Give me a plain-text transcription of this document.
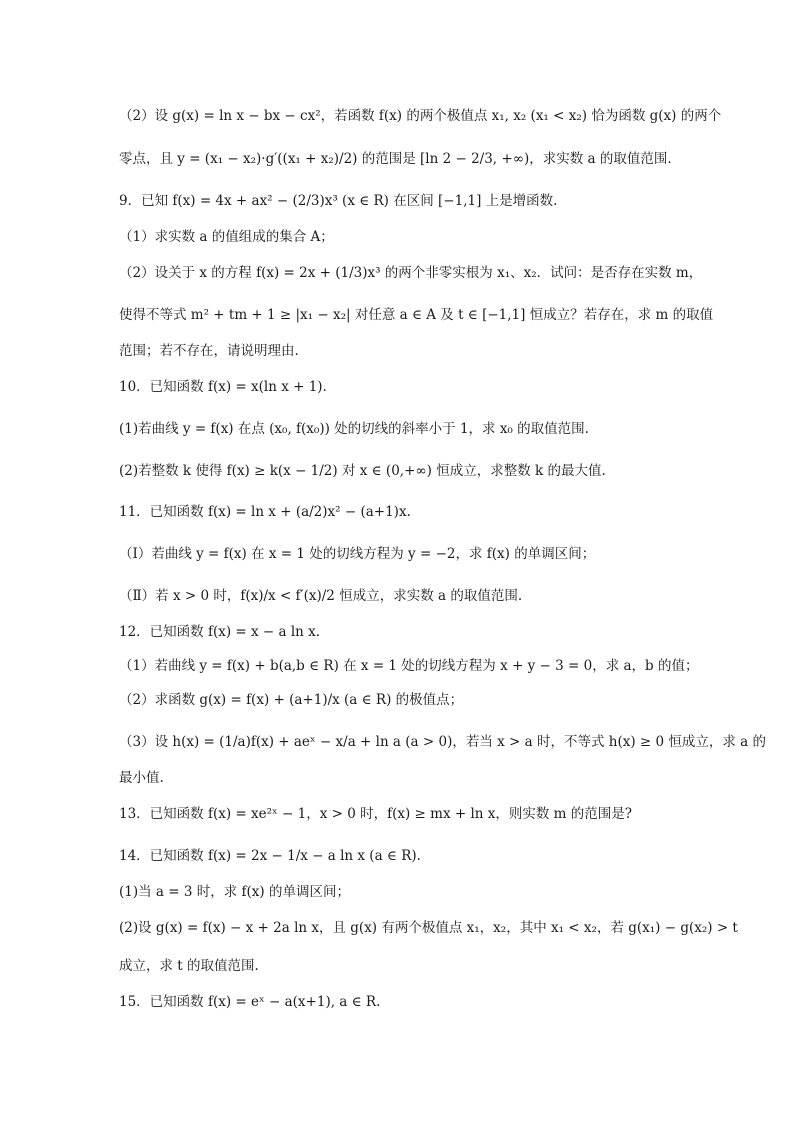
（2）设 g(x) = ln x − bx − cx²，若函数 f(x) 的两个极值点 x₁, x₂ (x₁ < x₂) 恰为函数 g(x) 的两个
零点，且 y = (x₁ − x₂)·g′((x₁ + x₂)/2) 的范围是 [ln 2 − 2/3, +∞)，求实数 a 的取值范围.
9．已知 f(x) = 4x + ax² − (2/3)x³ (x ∈ R) 在区间 [−1,1] 上是增函数.
（1）求实数 a 的值组成的集合 A；
（2）设关于 x 的方程 f(x) = 2x + (1/3)x³ 的两个非零实根为 x₁、x₂．试问：是否存在实数 m，
使得不等式 m² + tm + 1 ≥ |x₁ − x₂| 对任意 a ∈ A 及 t ∈ [−1,1] 恒成立？若存在，求 m 的取值
范围；若不存在，请说明理由.
10．已知函数 f(x) = x(ln x + 1).
(1)若曲线 y = f(x) 在点 (x₀, f(x₀)) 处的切线的斜率小于 1，求 x₀ 的取值范围.
(2)若整数 k 使得 f(x) ≥ k(x − 1/2) 对 x ∈ (0,+∞) 恒成立，求整数 k 的最大值.
11．已知函数 f(x) = ln x + (a/2)x² − (a+1)x.
（Ⅰ）若曲线 y = f(x) 在 x = 1 处的切线方程为 y = −2，求 f(x) 的单调区间；
（Ⅱ）若 x > 0 时，f(x)/x < f′(x)/2 恒成立，求实数 a 的取值范围.
12．已知函数 f(x) = x − a ln x.
（1）若曲线 y = f(x) + b(a,b ∈ R) 在 x = 1 处的切线方程为 x + y − 3 = 0，求 a，b 的值；
（2）求函数 g(x) = f(x) + (a+1)/x (a ∈ R) 的极值点；
（3）设 h(x) = (1/a)f(x) + aeˣ − x/a + ln a (a > 0)，若当 x > a 时，不等式 h(x) ≥ 0 恒成立，求 a 的
最小值.
13．已知函数 f(x) = xe²ˣ − 1，x > 0 时，f(x) ≥ mx + ln x，则实数 m 的范围是?
14．已知函数 f(x) = 2x − 1/x − a ln x (a ∈ R).
(1)当 a = 3 时，求 f(x) 的单调区间；
(2)设 g(x) = f(x) − x + 2a ln x，且 g(x) 有两个极值点 x₁，x₂，其中 x₁ < x₂，若 g(x₁) − g(x₂) > t
成立，求 t 的取值范围.
15．已知函数 f(x) = eˣ − a(x+1), a ∈ R.
